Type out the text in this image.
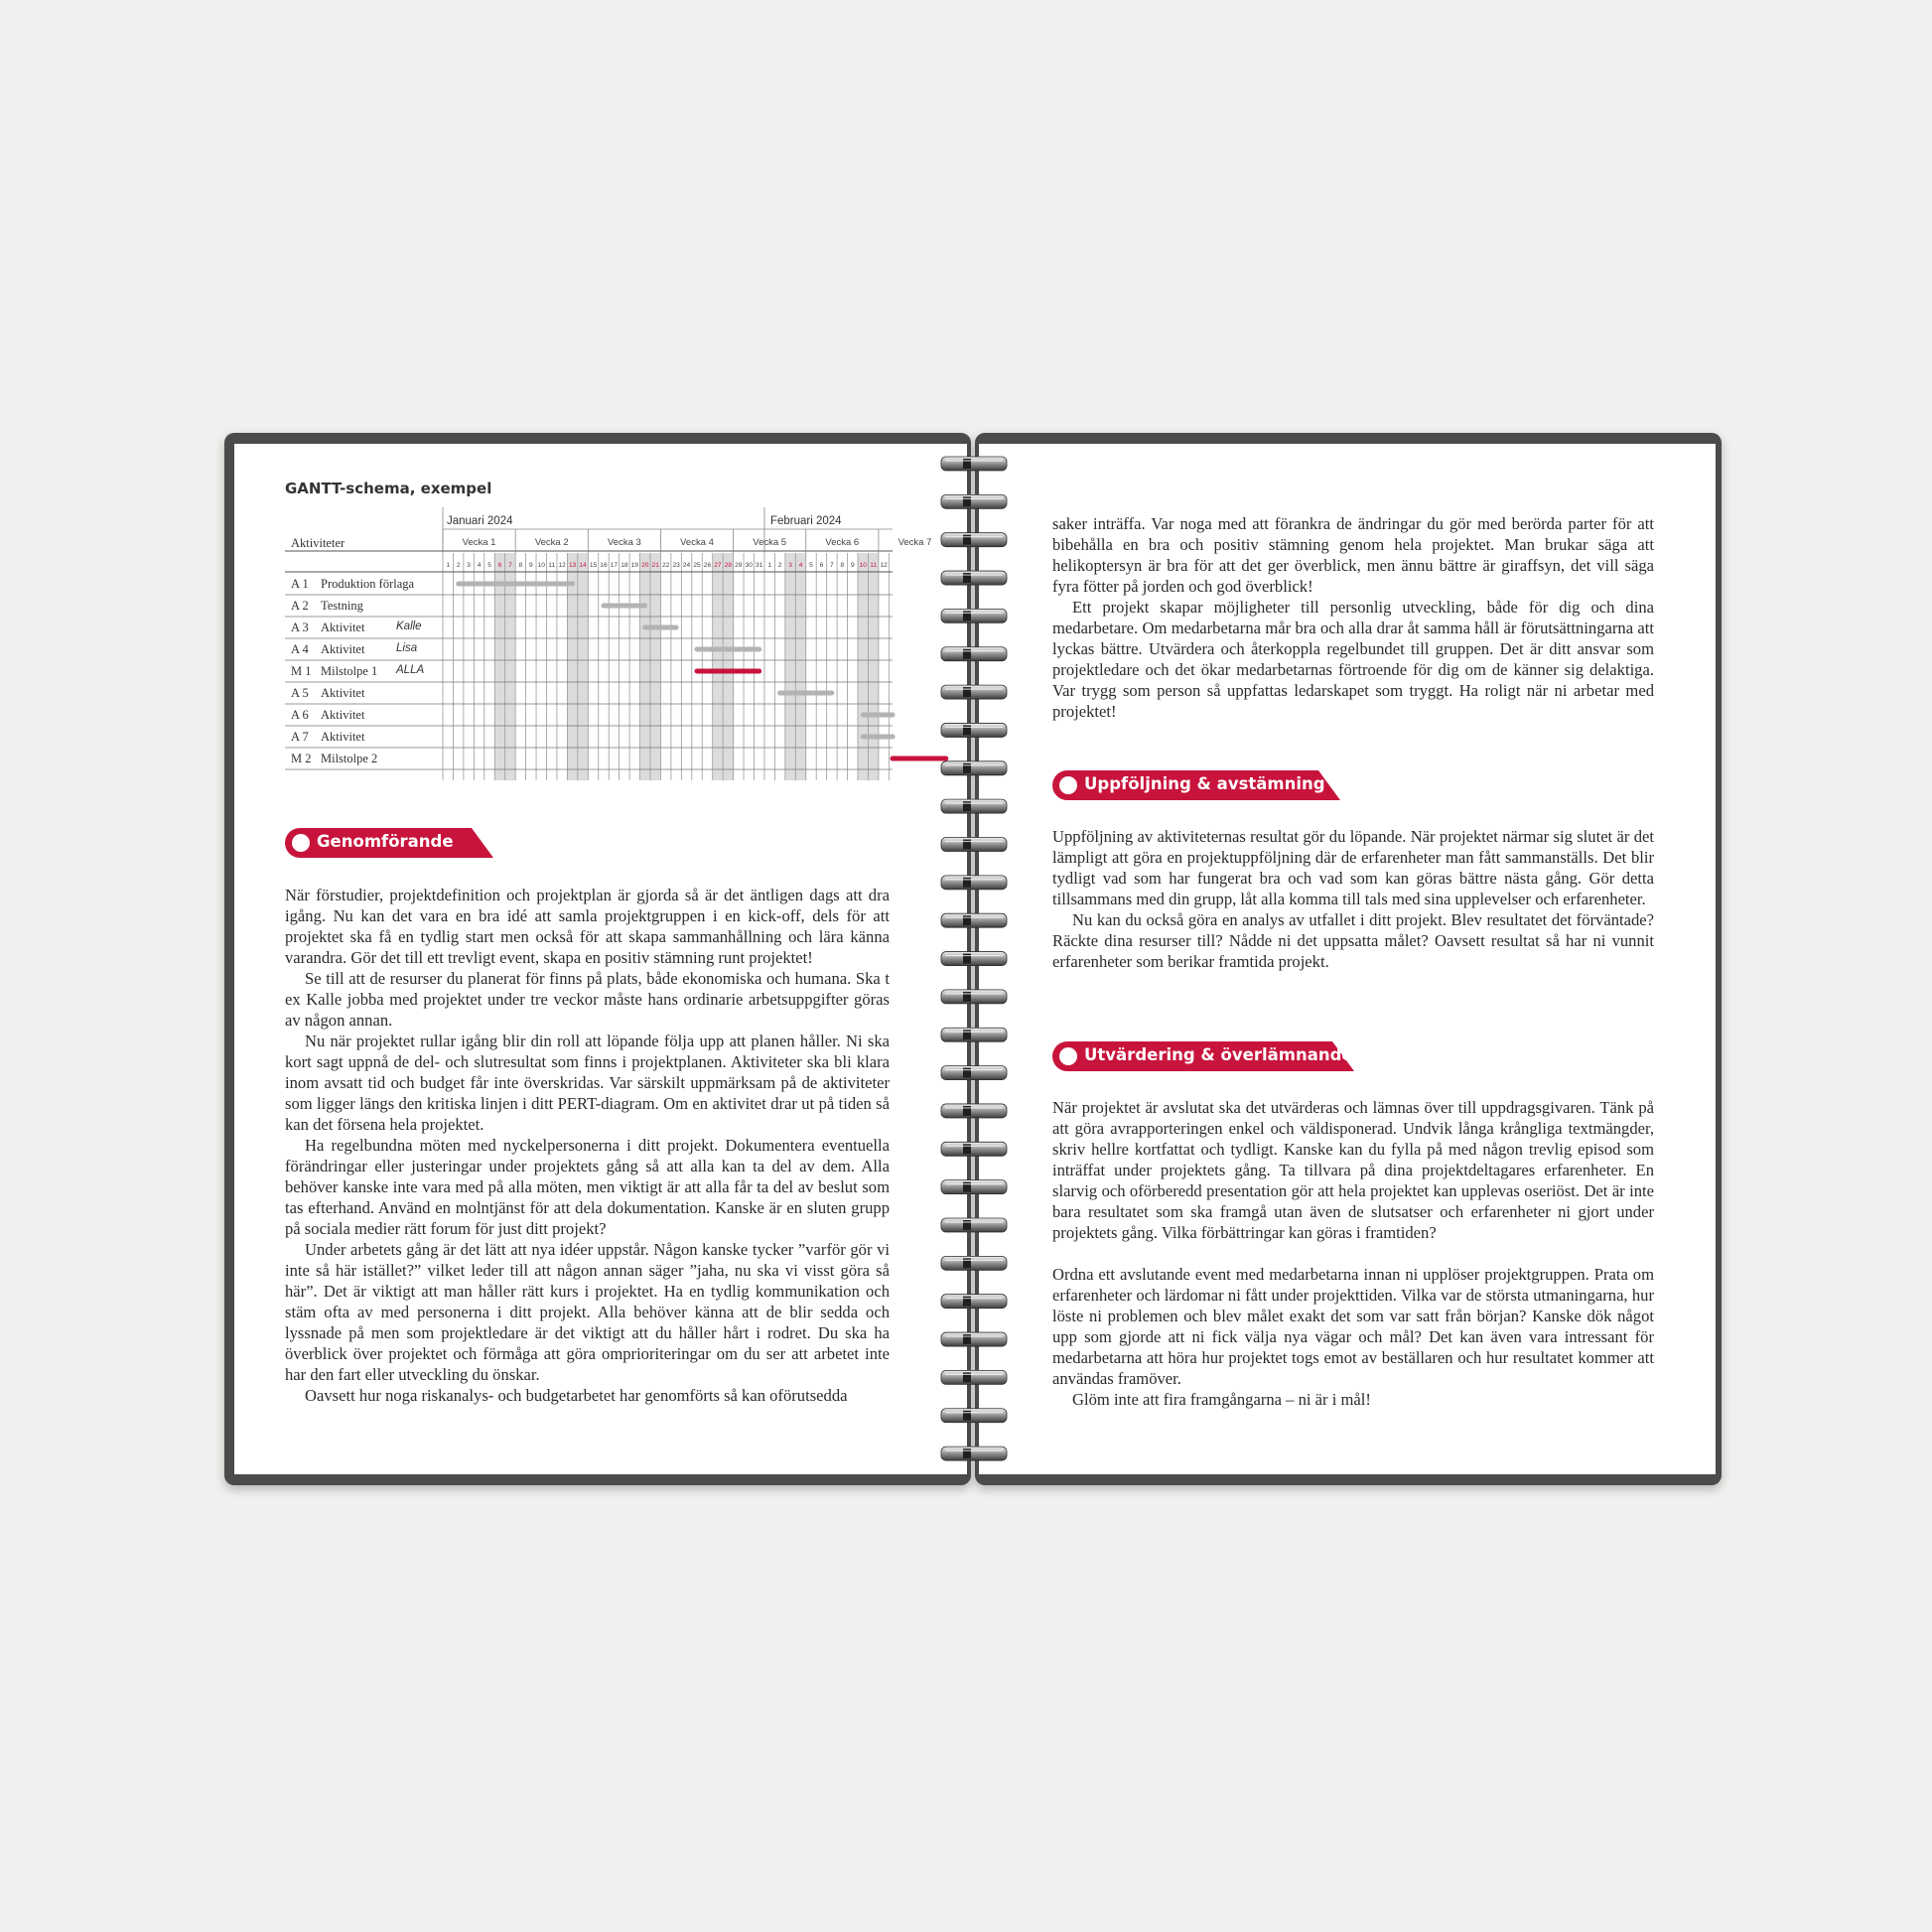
GANTT-schema, exempel
Januari 2024	Februari 2024
Aktiviteter	Vecka 1	Vecka 2	Vecka 3	Vecka 4	Vecka 5	Vecka 6	Vecka 7
1 2 3 4 5 6 7 8 9 10 11 12 13 14 15 16 17 18 19 20 21 22 23 24 25 26 27 28 29 30 31 1 2 3 4 5 6 7 8 9 10 11 12
A 1 Produktion förlaga
A 2 Testning
A 3 Aktivitet	Kalle
A 4 Aktivitet	Lisa
M 1 Milstolpe 1 ALLA
A 5 Aktivitet
A 6 Aktivitet
A 7 Aktivitet
M 2 Milstolpe 2
Genomförande

När förstudier, projektdefinition och projektplan är gjorda så är det äntligen dags att dra igång. Nu kan det vara en bra idé att samla projektgruppen i en kick-off, dels för att projektet ska få en tydlig start men också för att skapa sammanhållning och lära känna varandra. Gör det till ett trevligt event, skapa en positiv stämning runt projektet!

Se till att de resurser du planerat för finns på plats, både ekonomiska och humana. Ska t ex Kalle jobba med projektet under tre veckor måste hans ordinarie arbetsuppgifter göras av någon annan.

Nu när projektet rullar igång blir din roll att löpande följa upp att planen håller. Ni ska kort sagt uppnå de del- och slutresultat som finns i projektplanen. Aktiviteter ska bli klara inom avsatt tid och budget får inte överskridas. Var särskilt uppmärksam på de aktiviteter som ligger längs den kritiska linjen i ditt PERT-diagram. Om en aktivitet drar ut på tiden så kan det försena hela projektet.

Ha regelbundna möten med nyckelpersonerna i ditt projekt. Dokumentera eventuella förändringar eller justeringar under projektets gång så att alla kan ta del av dem. Alla behöver kanske inte vara med på alla möten, men viktigt är att alla får ta del av beslut som tas efterhand. Använd en molntjänst för att dela dokumentation. Kanske är en sluten grupp på sociala medier rätt forum för just ditt projekt?

Under arbetets gång är det lätt att nya idéer uppstår. Någon kanske tycker ”varför gör vi inte så här istället?” vilket leder till att någon annan säger ”jaha, nu ska vi visst göra så här”. Det är viktigt att man håller rätt kurs i projektet. Ha en tydlig kommunikation och stäm ofta av med personerna i ditt projekt. Alla behöver känna att de blir sedda och lyssnade på men som projektledare är det viktigt att du håller hårt i rodret. Du ska ha överblick över projektet och förmåga att göra omprioriteringar om du ser att arbetet inte har den fart eller utveckling du önskar.

Oavsett hur noga riskanalys- och budgetarbetet har genomförts så kan oförutsedda

saker inträffa. Var noga med att förankra de ändringar du gör med berörda parter för att bibehålla en bra och positiv stämning genom hela projektet. Man brukar säga att helikoptersyn är bra för att det ger överblick, men ännu bättre är giraffsyn, det vill säga fyra fötter på jorden och god överblick!

Ett projekt skapar möjligheter till personlig utveckling, både för dig och dina medarbetare. Om medarbetarna mår bra och alla drar åt samma håll är förutsättningarna att lyckas bättre. Utvärdera och återkoppla regelbundet till gruppen. Det är ditt ansvar som projektledare och det ökar medarbetarnas förtroende för dig om de känner sig delaktiga. Var trygg som person så uppfattas ledarskapet som tryggt. Ha roligt när ni arbetar med projektet!

Uppföljning & avstämning

Uppföljning av aktiviteternas resultat gör du löpande. När projektet närmar sig slutet är det lämpligt att göra en projektuppföljning där de erfarenheter man fått sammanställs. Det blir tydligt vad som har fungerat bra och vad som kan göras bättre nästa gång. Gör detta tillsammans med din grupp, låt alla komma till tals med sina upplevelser och erfarenheter.

Nu kan du också göra en analys av utfallet i ditt projekt. Blev resultatet det förväntade? Räckte dina resurser till? Nådde ni det uppsatta målet? Oavsett resultat så har ni vunnit erfarenheter som berikar framtida projekt.

Utvärdering & överlämnande

När projektet är avslutat ska det utvärderas och lämnas över till uppdragsgivaren. Tänk på att göra avrapporteringen enkel och väldisponerad. Undvik långa krångliga textmängder, skriv hellre kortfattat och tydligt. Kanske kan du fylla på med någon trevlig episod som inträffat under projektets gång. Ta tillvara på dina projektdeltagares erfarenheter. En slarvig och oförberedd presentation gör att hela projektet kan upplevas oseriöst. Det är inte bara resultatet som ska framgå utan även de slutsatser och erfarenheter ni gjort under projektets gång. Vilka förbättringar kan göras i framtiden?

Ordna ett avslutande event med medarbetarna innan ni upplöser projektgruppen. Prata om erfarenheter och lärdomar ni fått under projekttiden. Vilka var de största utmaningarna, hur löste ni problemen och blev målet exakt det som var satt från början? Kanske dök något upp som gjorde att ni fick välja nya vägar och mål? Det kan även vara intressant för medarbetarna att höra hur projektet togs emot av beställaren och hur resultatet kommer att användas framöver.

Glöm inte att fira framgångarna – ni är i mål!
